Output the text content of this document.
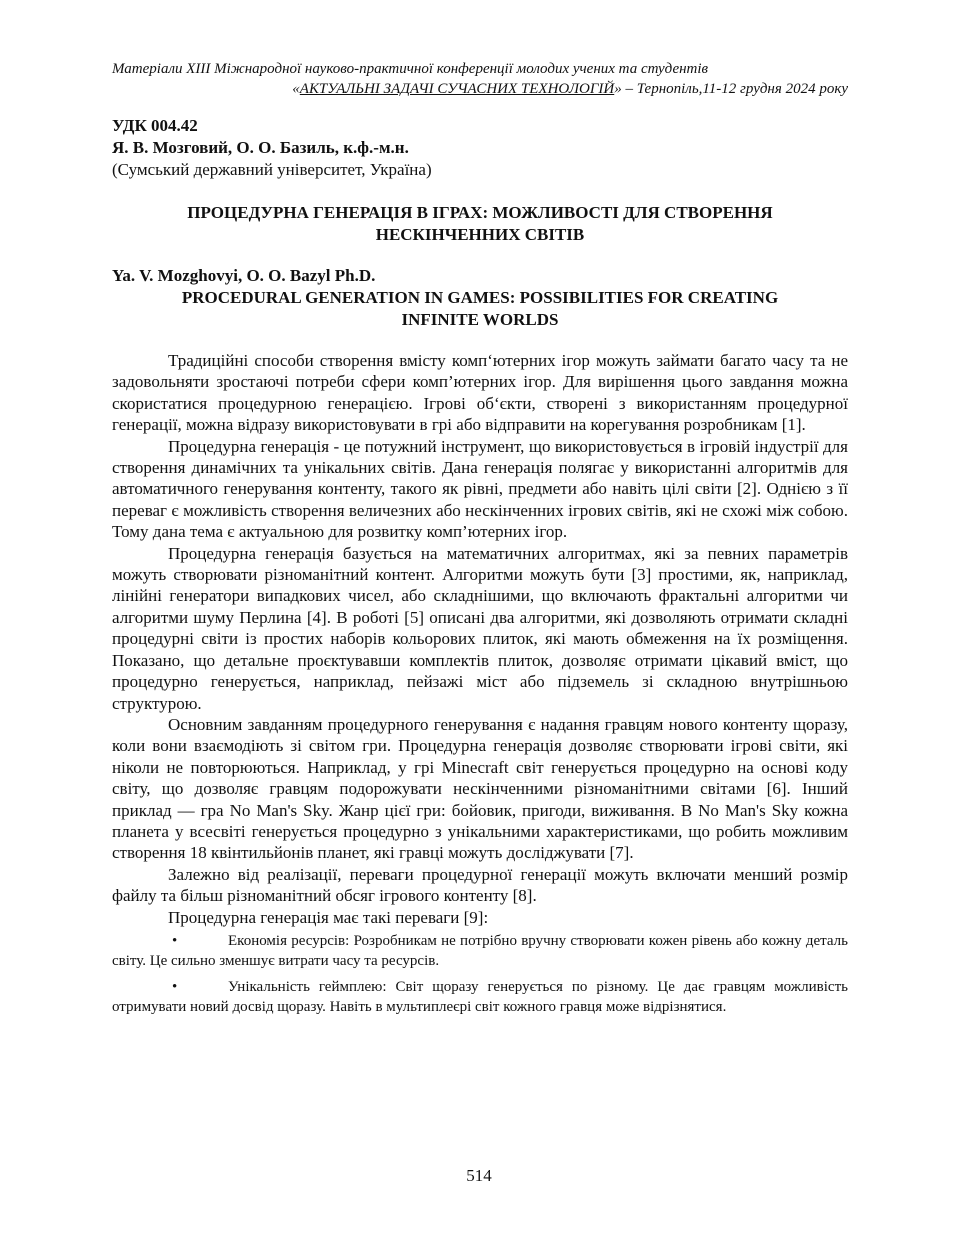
Матеріали XIII Міжнародної науково-практичної конференції молодих учених та студентів
«АКТУАЛЬНІ ЗАДАЧІ СУЧАСНИХ ТЕХНОЛОГІЙ» – Тернопіль,11-12 грудня 2024 року
УДК 004.42
Я. В. Мозговий, О. О. Базиль, к.ф.-м.н.
(Сумський державний університет, Україна)
ПРОЦЕДУРНА ГЕНЕРАЦІЯ В ІГРАХ: МОЖЛИВОСТІ ДЛЯ СТВОРЕННЯ
НЕСКІНЧЕННИХ СВІТІВ
Ya. V. Mozghovyi, O. O. Bazyl Ph.D.
PROCEDURAL GENERATION IN GAMES: POSSIBILITIES FOR CREATING
INFINITE WORLDS

Традиційні способи створення вмісту комп‘ютерних ігор можуть займати багато часу та не задовольняти зростаючі потреби сфери комп’ютерних ігор. Для вирішення цього завдання можна скористатися процедурною генерацією. Ігрові об‘єкти, створені з використанням процедурної генерації, можна відразу використовувати в грі або відправити на корегування розробникам [1].

Процедурна генерація - це потужний інструмент, що використовується в ігровій індустрії для створення динамічних та унікальних світів. Дана генерація полягає у використанні алгоритмів для автоматичного генерування контенту, такого як рівні, предмети або навіть цілі світи [2]. Однією з її переваг є можливість створення величезних або нескінченних ігрових світів, які не схожі між собою. Тому дана тема є актуальною для розвитку комп’ютерних ігор.

Процедурна генерація базується на математичних алгоритмах, які за певних параметрів можуть створювати різноманітний контент. Алгоритми можуть бути [3] простими, як, наприклад, лінійні генератори випадкових чисел, або складнішими, що включають фрактальні алгоритми чи алгоритми шуму Перлина [4]. В роботі [5] описані два алгоритми, які дозволяють отримати складні процедурні світи із простих наборів кольорових плиток, які мають обмеження на їх розміщення. Показано, що детальне проєктувавши комплектів плиток, дозволяє отримати цікавий вміст, що процедурно генерується, наприклад, пейзажі міст або підземель зі складною внутрішньою структурою.

Основним завданням процедурного генерування є надання гравцям нового контенту щоразу, коли вони взаємодіють зі світом гри. Процедурна генерація дозволяє створювати ігрові світи, які ніколи не повторюються. Наприклад, у грі Minecraft світ генерується процедурно на основі коду світу, що дозволяє гравцям подорожувати нескінченними різноманітними світами [6]. Інший приклад — гра No Man's Sky. Жанр цієї гри: бойовик, пригоди, виживання. В No Man's Sky кожна планета у всесвіті генерується процедурно з унікальними характеристиками, що робить можливим створення 18 квінтильйонів планет, які гравці можуть досліджувати [7].

Залежно від реалізації, переваги процедурної генерації можуть включати менший розмір файлу та більш різноманітний обсяг ігрового контенту [8].

Процедурна генерація має такі переваги [9]:

•	Економія ресурсів: Розробникам не потрібно вручну створювати кожен рівень або кожну деталь світу. Це сильно зменшує витрати часу та ресурсів.
•	Унікальність геймплею: Світ щоразу генерується по різному. Це дає гравцям можливість отримувати новий досвід щоразу. Навіть в мультиплеєрі світ кожного гравця може відрізнятися.
514
